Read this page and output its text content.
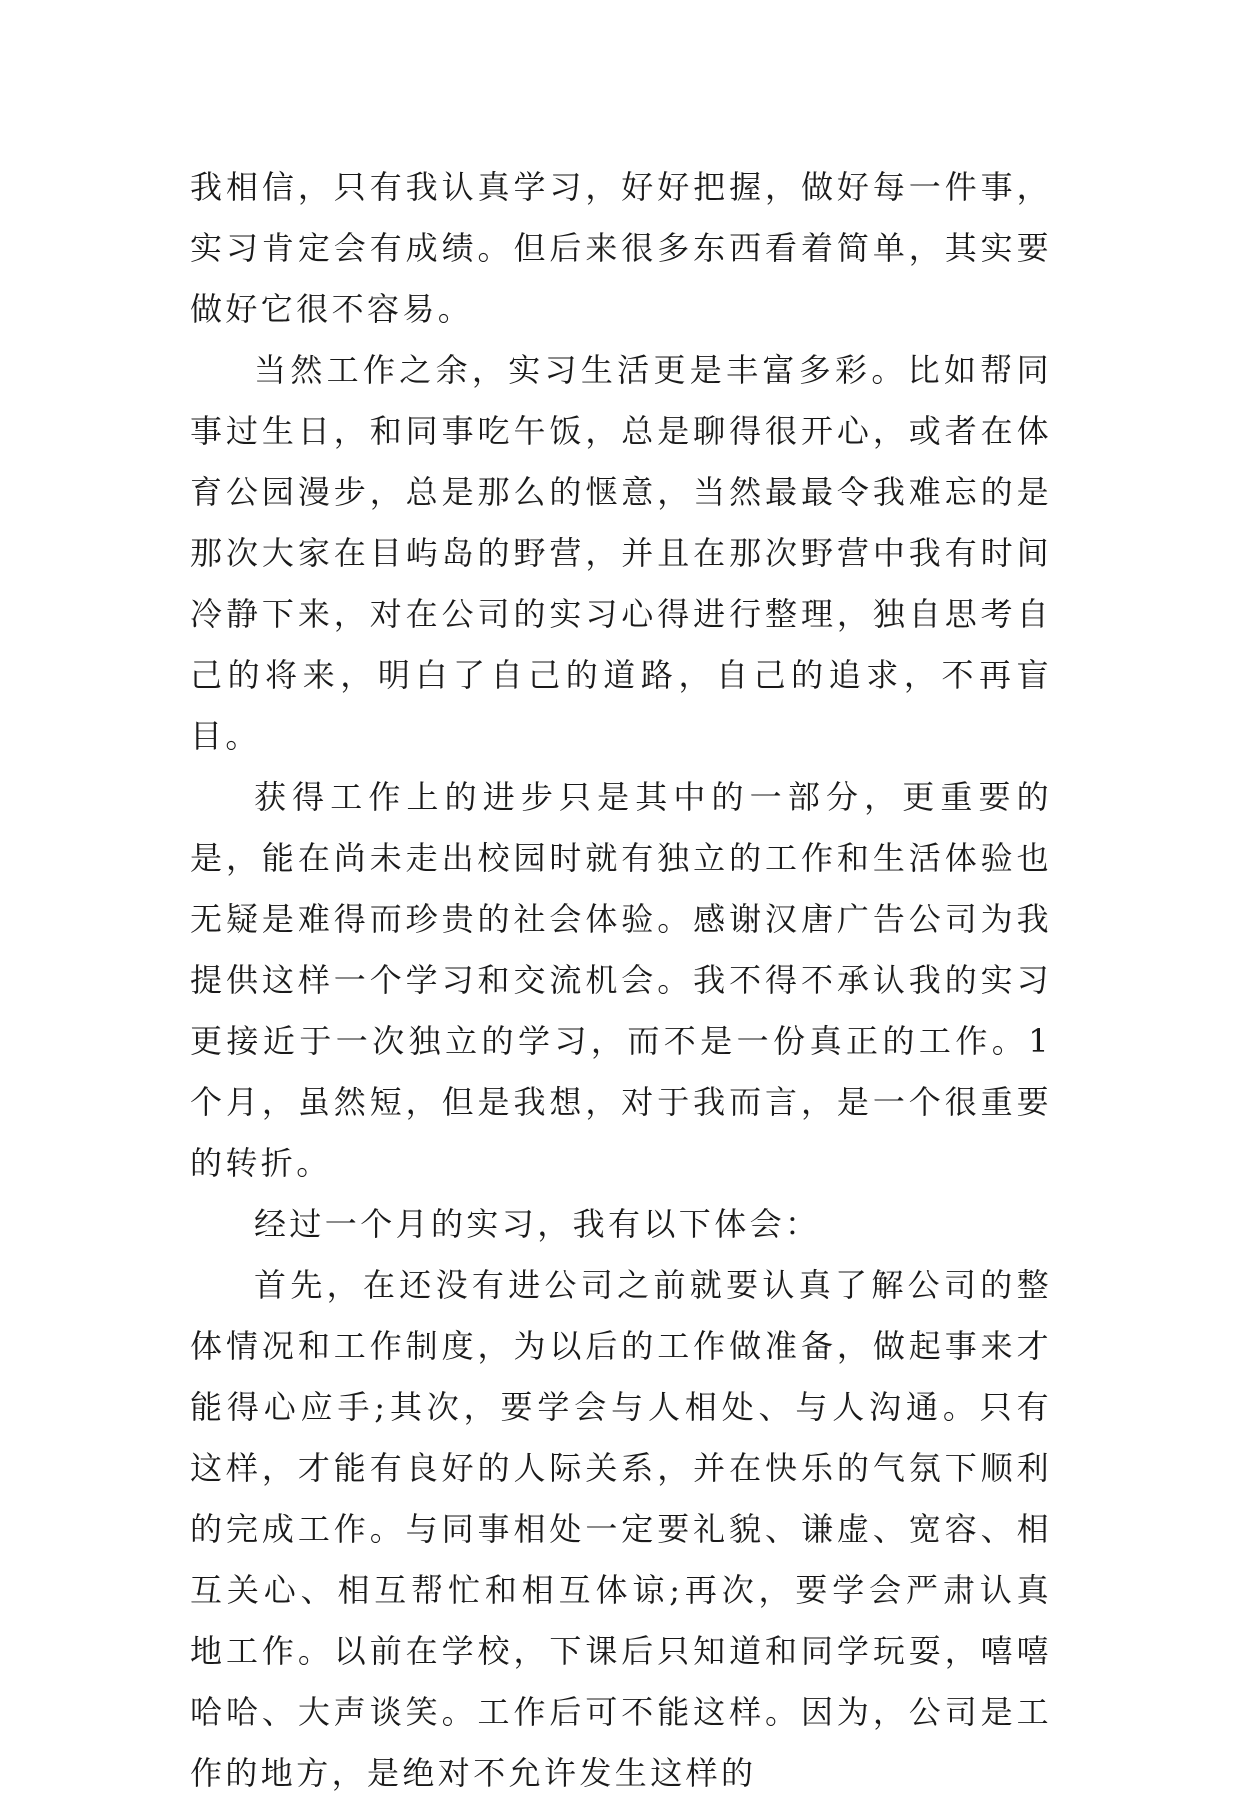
我相信，只有我认真学习，好好把握，做好每一件事，实习肯定会有成绩。但后来很多东西看着简单，其实要做好它很不容易。

当然工作之余，实习生活更是丰富多彩。比如帮同事过生日，和同事吃午饭，总是聊得很开心，或者在体育公园漫步，总是那么的惬意，当然最最令我难忘的是那次大家在目屿岛的野营，并且在那次野营中我有时间冷静下来，对在公司的实习心得进行整理，独自思考自己的将来，明白了自己的道路，自己的追求，不再盲目。

获得工作上的进步只是其中的一部分，更重要的是，能在尚未走出校园时就有独立的工作和生活体验也无疑是难得而珍贵的社会体验。感谢汉唐广告公司为我提供这样一个学习和交流机会。我不得不承认我的实习更接近于一次独立的学习，而不是一份真正的工作。1个月，虽然短，但是我想，对于我而言，是一个很重要的转折。

经过一个月的实习，我有以下体会：

首先，在还没有进公司之前就要认真了解公司的整体情况和工作制度，为以后的工作做准备，做起事来才能得心应手;其次，要学会与人相处、与人沟通。只有这样，才能有良好的人际关系，并在快乐的气氛下顺利的完成工作。与同事相处一定要礼貌、谦虚、宽容、相互关心、相互帮忙和相互体谅;再次，要学会严肃认真地工作。以前在学校，下课后只知道和同学玩耍，嘻嘻哈哈、大声谈笑。工作后可不能这样。因为，公司是工作的地方，是绝对不允许发生这样的
